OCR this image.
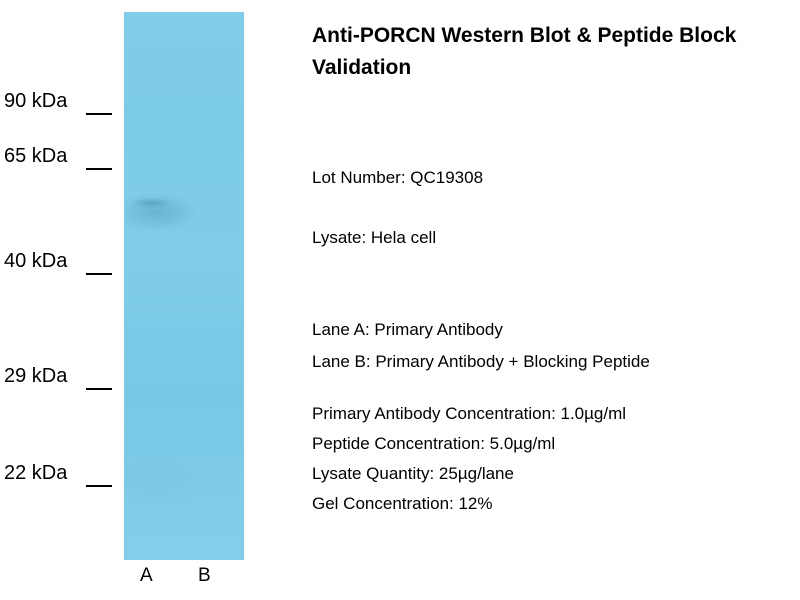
90 kDa
65 kDa
40 kDa
29 kDa
22 kDa
A B
Anti-PORCN Western Blot & Peptide Block Validation
Lot Number: QC19308
Lysate: Hela cell
Lane A: Primary Antibody
Lane B: Primary Antibody + Blocking Peptide
Primary Antibody Concentration: 1.0µg/ml
Peptide Concentration: 5.0µg/ml
Lysate Quantity: 25µg/lane
Gel Concentration: 12%
